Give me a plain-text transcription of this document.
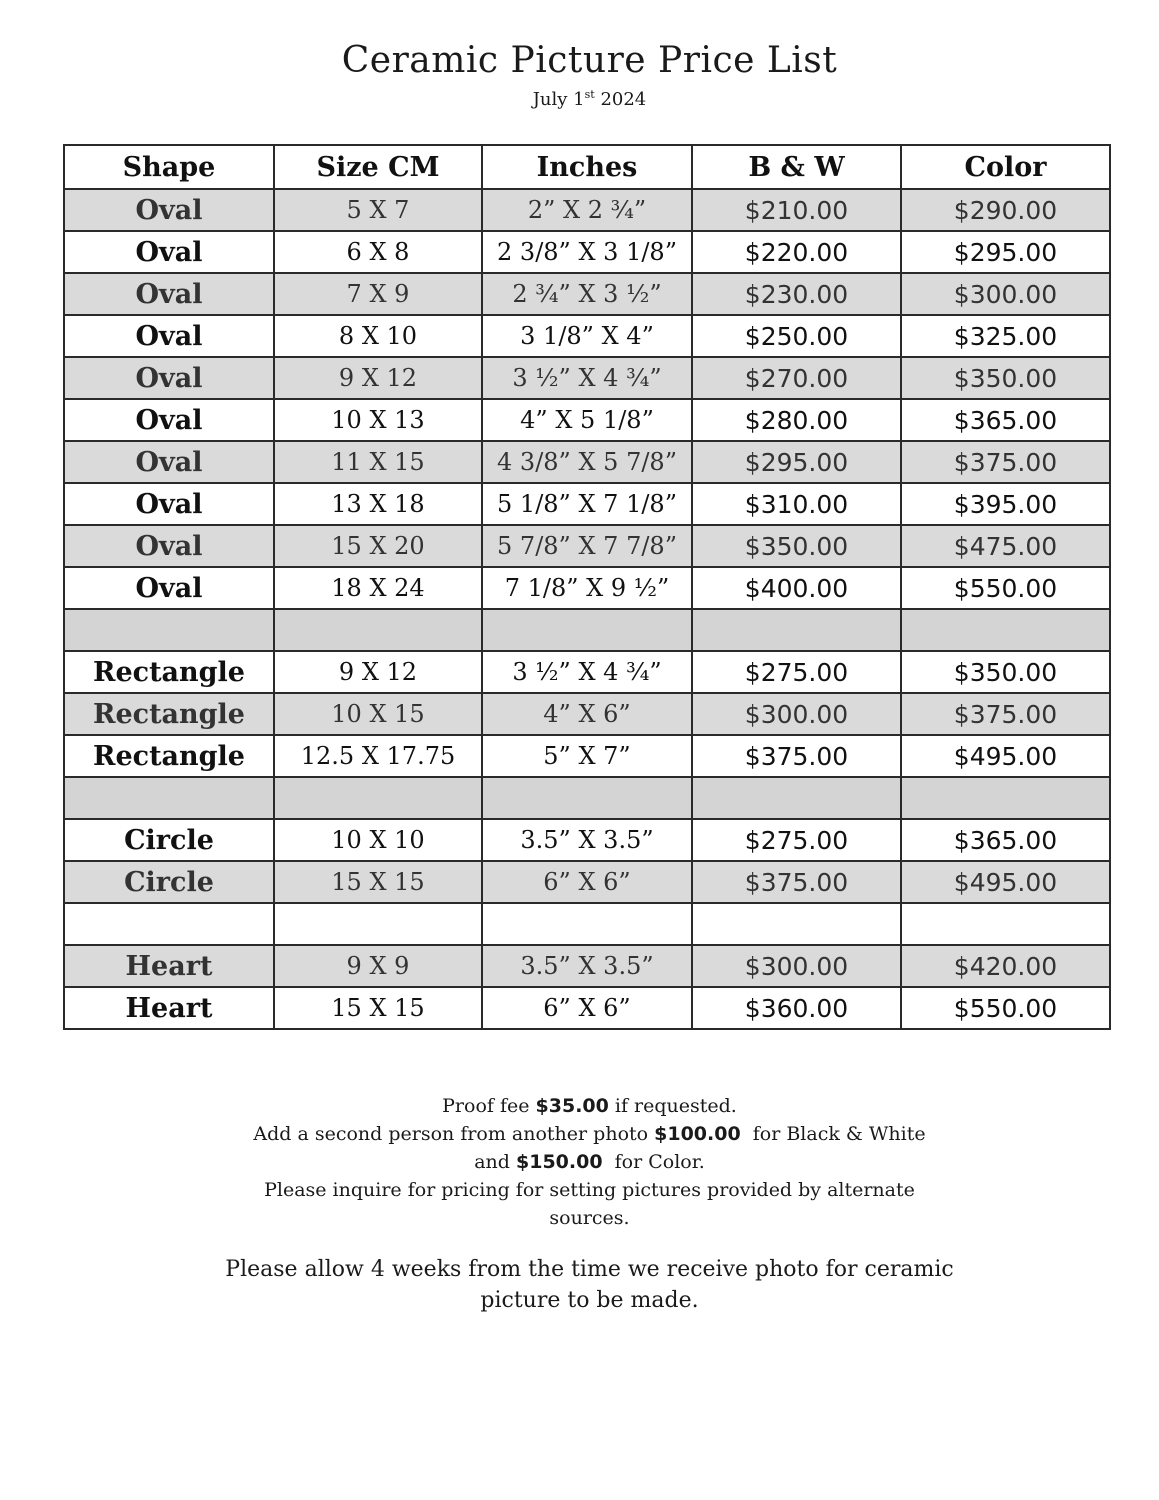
Ceramic Picture Price List
July 1st 2024
Shape	Size CM	Inches	B & W	Color
Oval	5 X 7	2” X 2 ¾”	$210.00	$290.00
Oval	6 X 8	2 3/8” X 3 1/8”	$220.00	$295.00
Oval	7 X 9	2 ¾” X 3 ½”	$230.00	$300.00
Oval	8 X 10	3 1/8” X 4”	$250.00	$325.00
Oval	9 X 12	3 ½” X 4 ¾”	$270.00	$350.00
Oval	10 X 13	4” X 5 1/8”	$280.00	$365.00
Oval	11 X 15	4 3/8” X 5 7/8”	$295.00	$375.00
Oval	13 X 18	5 1/8” X 7 1/8”	$310.00	$395.00
Oval	15 X 20	5 7/8” X 7 7/8”	$350.00	$475.00
Oval	18 X 24	7 1/8” X 9 ½”	$400.00	$550.00

Rectangle	9 X 12	3 ½” X 4 ¾”	$275.00	$350.00
Rectangle	10 X 15	4” X 6”	$300.00	$375.00
Rectangle	12.5 X 17.75	5” X 7”	$375.00	$495.00

Circle	10 X 10	3.5” X 3.5”	$275.00	$365.00
Circle	15 X 15	6” X 6”	$375.00	$495.00

Heart	9 X 9	3.5” X 3.5”	$300.00	$420.00
Heart	15 X 15	6” X 6”	$360.00	$550.00
Proof fee $35.00 if requested.
Add a second person from another photo $100.00  for Black & White
and $150.00  for Color.
Please inquire for pricing for setting pictures provided by alternate
sources.
Please allow 4 weeks from the time we receive photo for ceramic
picture to be made.
